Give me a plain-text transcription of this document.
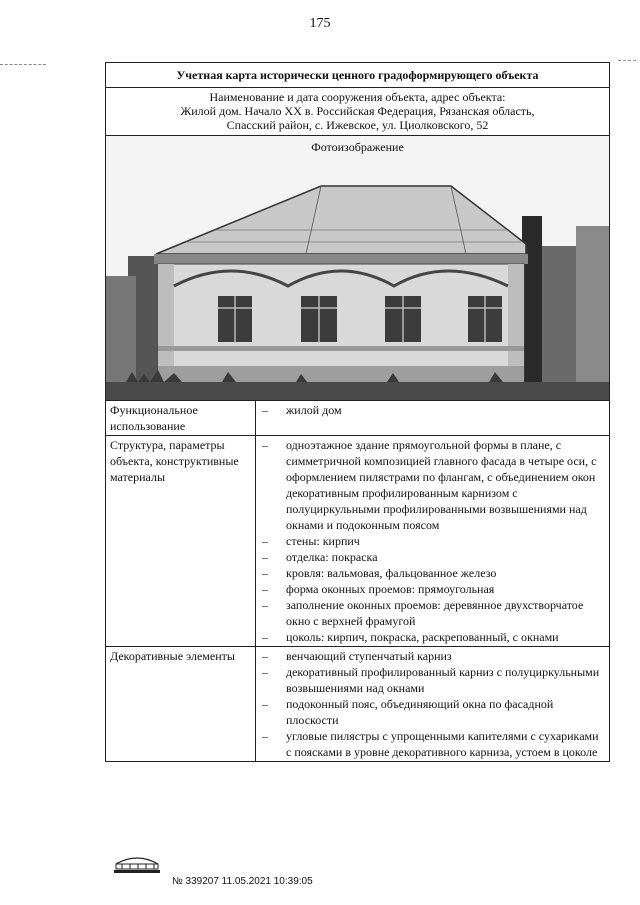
175
Учетная карта исторически ценного градоформирующего объекта
Наименование и дата сооружения объекта, адрес объекта:
Жилой дом. Начало XX в. Российская Федерация, Рязанская область,
Спасский район, с. Ижевское, ул. Циолковского, 52
Фотоизображение
Функциональное использование
– жилой дом
Структура, параметры объекта, конструктивные материалы
– одноэтажное здание прямоугольной формы в плане, с симметричной композицией главного фасада в четыре оси, с оформлением пилястрами по флангам, с объединением окон декоративным профилированным карнизом с полуциркульными профилированными возвышениями над окнами и подоконным поясом
– стены: кирпич
– отделка: покраска
– кровля: вальмовая, фальцованное железо
– форма оконных проемов: прямоугольная
– заполнение оконных проемов: деревянное двухстворчатое окно с верхней фрамугой
– цоколь: кирпич, покраска, раскрепованный, с окнами
Декоративные элементы
–	венчающий ступенчатый карниз
– декоративный профилированный карниз с полуциркульными возвышениями над окнами
– подоконный пояс, объединяющий окна по фасадной плоскости
– угловые пилястры с упрощенными капителями с сухариками с поясками в уровне декоративного карниза, устоем в цоколе
№ 339207 11.05.2021 10:39:05
